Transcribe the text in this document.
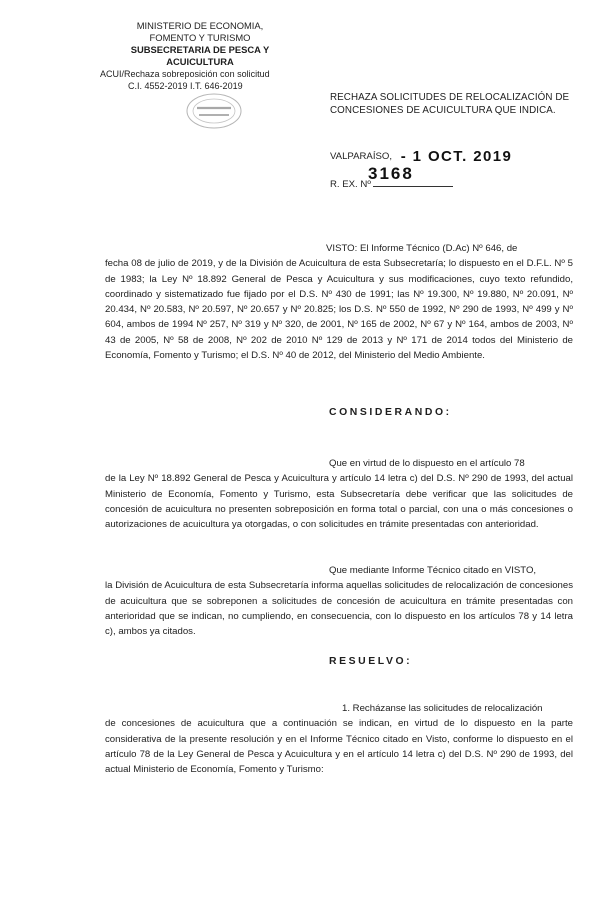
MINISTERIO DE ECONOMIA,
FOMENTO Y TURISMO
SUBSECRETARIA DE PESCA Y ACUICULTURA
ACUI/Rechaza sobreposición con solicitud
C.I. 4552-2019 I.T. 646-2019
RECHAZA SOLICITUDES DE RELOCALIZACIÓN DE CONCESIONES DE ACUICULTURA QUE INDICA.
VALPARAÍSO, - 1 OCT. 2019
R. EX. Nº
3168
VISTO: El Informe Técnico (D.Ac) Nº 646, de
fecha 08 de julio de 2019, y de la División de Acuicultura de esta Subsecretaría; lo dispuesto en el D.F.L. Nº 5 de 1983; la Ley Nº 18.892 General de Pesca y Acuicultura y sus modificaciones, cuyo texto refundido, coordinado y sistematizado fue fijado por el D.S. Nº 430 de 1991; las Nº 19.300, Nº 19.880, Nº 20.091, Nº 20.434, Nº 20.583, Nº 20.597, Nº 20.657 y Nº 20.825; los D.S. Nº 550 de 1992, Nº 290 de 1993, Nº 499 y Nº 604, ambos de 1994 Nº 257, Nº 319 y Nº 320, de 2001, Nº 165 de 2002, Nº 67 y Nº 164, ambos de 2003, Nº 43 de 2005, Nº 58 de 2008, Nº 202 de 2010 Nº 129 de 2013 y Nº 171 de 2014 todos del Ministerio de Economía, Fomento y Turismo; el D.S. Nº 40 de 2012, del Ministerio del Medio Ambiente.
CONSIDERANDO:
Que en virtud de lo dispuesto en el artículo 78
de la Ley Nº 18.892 General de Pesca y Acuicultura y artículo 14 letra c) del D.S. Nº 290 de 1993, del actual Ministerio de Economía, Fomento y Turismo, esta Subsecretaría debe verificar que las solicitudes de concesión de acuicultura no presenten sobreposición en forma total o parcial, con una o más concesiones o autorizaciones de acuicultura ya otorgadas, o con solicitudes en trámite presentadas con anterioridad.
Que mediante Informe Técnico citado en VISTO,
la División de Acuicultura de esta Subsecretaría informa aquellas solicitudes de relocalización de concesiones de acuicultura que se sobreponen a solicitudes de concesión de acuicultura en trámite presentadas con anterioridad que se indican, no cumpliendo, en consecuencia, con lo dispuesto en los artículos 78 y 14 letra c), ambos ya citados.
RESUELVO:
1. Recházanse las solicitudes de relocalización
de concesiones de acuicultura que a continuación se indican, en virtud de lo dispuesto en la parte considerativa de la presente resolución y en el Informe Técnico citado en Visto, conforme lo dispuesto en el artículo 78 de la Ley General de Pesca y Acuicultura y en el artículo 14 letra c) del D.S. Nº 290 de 1993, del actual Ministerio de Economía, Fomento y Turismo:
